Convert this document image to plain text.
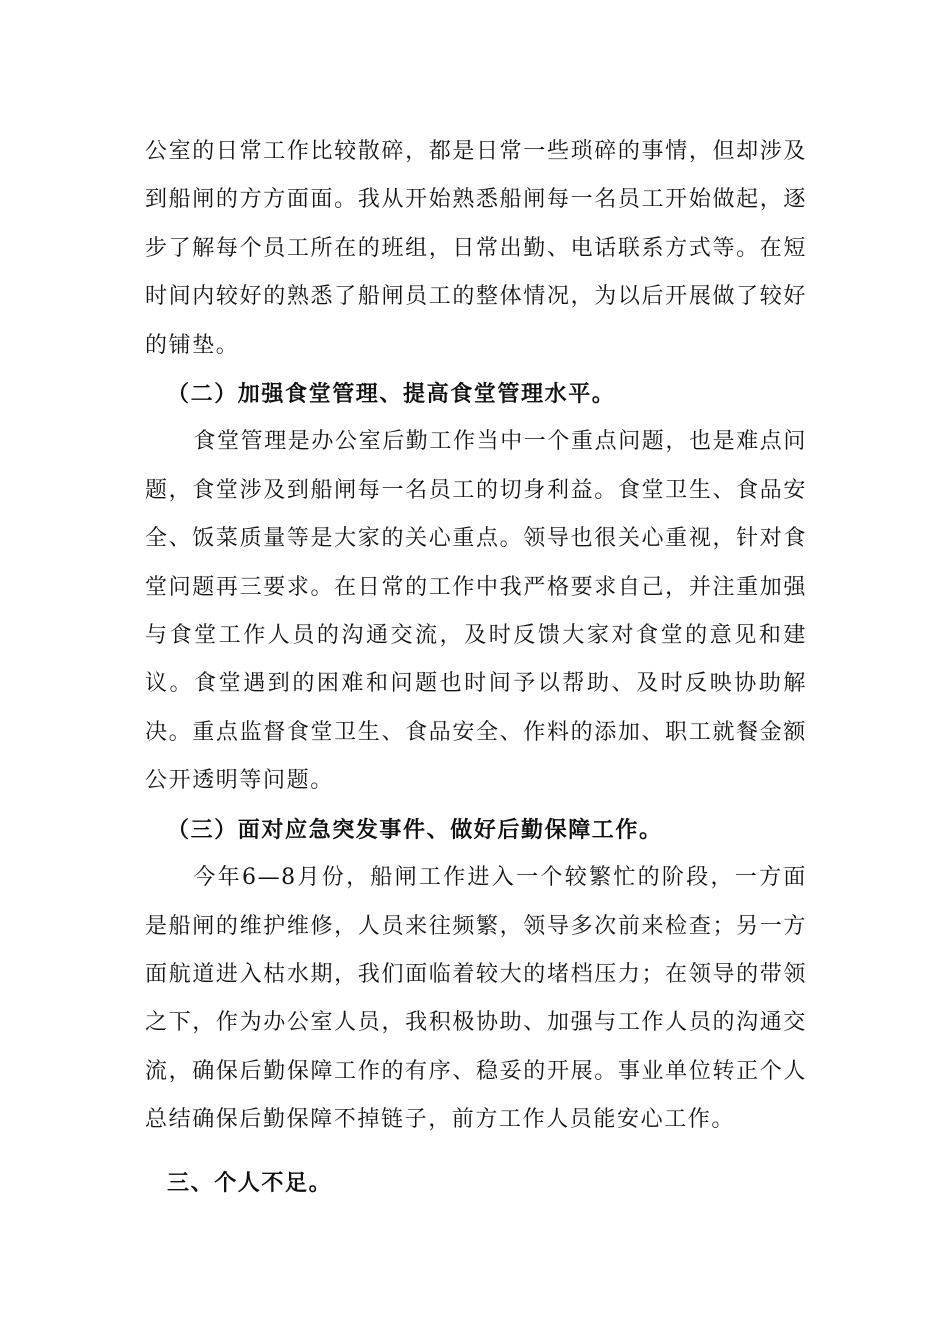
公室的日常工作比较散碎，都是日常一些琐碎的事情，但却涉及到船闸的方方面面。我从开始熟悉船闸每一名员工开始做起，逐步了解每个员工所在的班组，日常出勤、电话联系方式等。在短时间内较好的熟悉了船闸员工的整体情况，为以后开展做了较好的铺垫。

（二）加强食堂管理、提高食堂管理水平。

食堂管理是办公室后勤工作当中一个重点问题，也是难点问题，食堂涉及到船闸每一名员工的切身利益。食堂卫生、食品安全、饭菜质量等是大家的关心重点。领导也很关心重视，针对食堂问题再三要求。在日常的工作中我严格要求自己，并注重加强与食堂工作人员的沟通交流，及时反馈大家对食堂的意见和建议。食堂遇到的困难和问题也时间予以帮助、及时反映协助解决。重点监督食堂卫生、食品安全、作料的添加、职工就餐金额公开透明等问题。

（三）面对应急突发事件、做好后勤保障工作。

今年6—8月份，船闸工作进入一个较繁忙的阶段，一方面是船闸的维护维修，人员来往频繁，领导多次前来检查；另一方面航道进入枯水期，我们面临着较大的堵档压力；在领导的带领之下，作为办公室人员，我积极协助、加强与工作人员的沟通交流，确保后勤保障工作的有序、稳妥的开展。事业单位转正个人总结确保后勤保障不掉链子，前方工作人员能安心工作。

三、个人不足。
